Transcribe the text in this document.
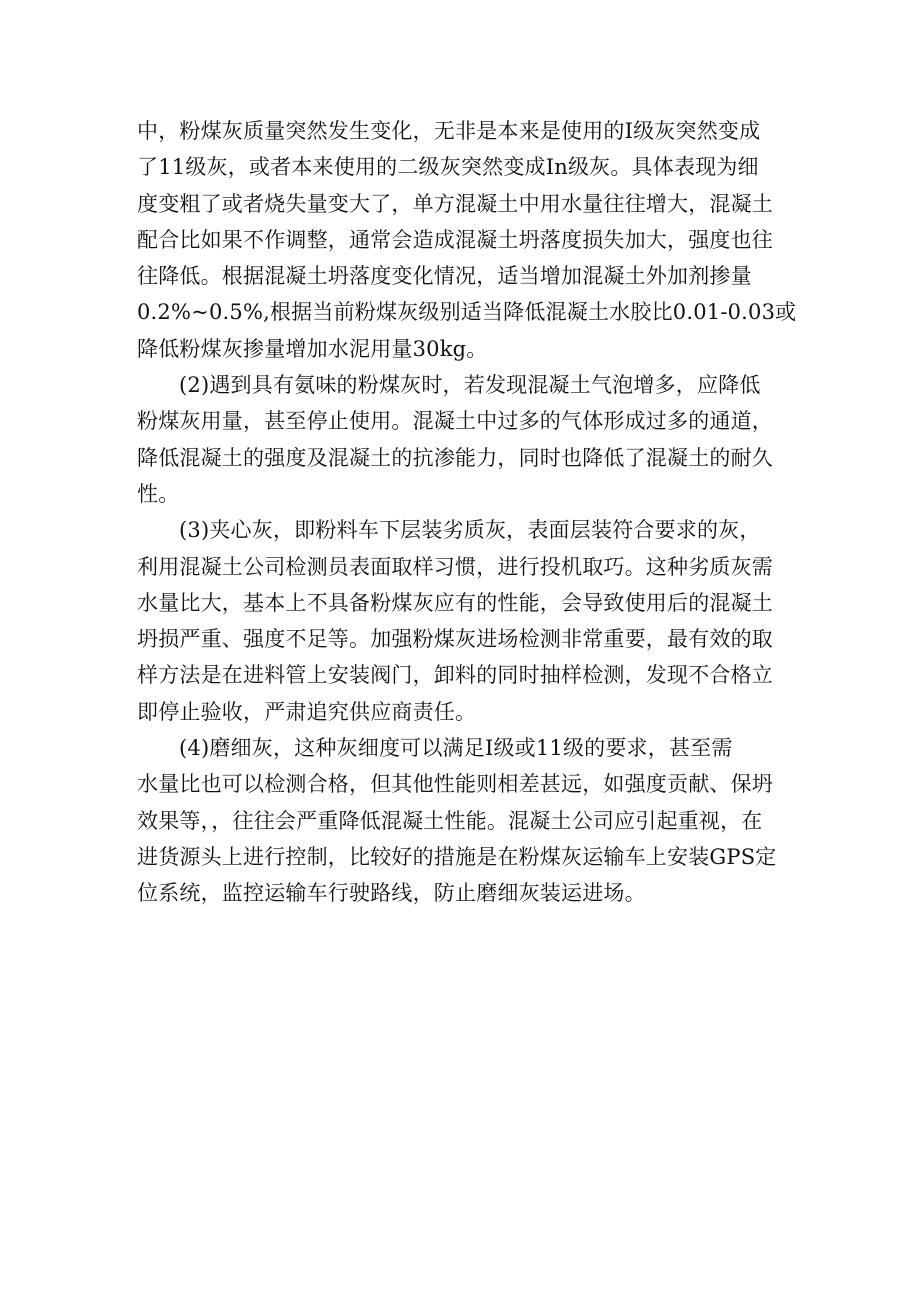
中，粉煤灰质量突然发生变化，无非是本来是使用的Ⅰ级灰突然变成
了11级灰，或者本来使用的二级灰突然变成In级灰。具体表现为细
度变粗了或者烧失量变大了，单方混凝土中用水量往往增大，混凝土
配合比如果不作调整，通常会造成混凝土坍落度损失加大，强度也往
往降低。根据混凝土坍落度变化情况，适当增加混凝土外加剂掺量
0.2%~0.5%,根据当前粉煤灰级别适当降低混凝土水胶比0.01-0.03或
降低粉煤灰掺量增加水泥用量30kg。

(2)遇到具有氨味的粉煤灰时，若发现混凝土气泡增多，应降低
粉煤灰用量，甚至停止使用。混凝土中过多的气体形成过多的通道，
降低混凝土的强度及混凝土的抗渗能力，同时也降低了混凝土的耐久
性。

(3)夹心灰，即粉料车下层装劣质灰，表面层装符合要求的灰，
利用混凝土公司检测员表面取样习惯，进行投机取巧。这种劣质灰需
水量比大，基本上不具备粉煤灰应有的性能，会导致使用后的混凝土
坍损严重、强度不足等。加强粉煤灰进场检测非常重要，最有效的取
样方法是在进料管上安装阀门，卸料的同时抽样检测，发现不合格立
即停止验收，严肃追究供应商责任。

(4)磨细灰，这种灰细度可以满足Ⅰ级或11级的要求，甚至需
水量比也可以检测合格，但其他性能则相差甚远，如强度贡献、保坍
效果等，，往往会严重降低混凝土性能。混凝土公司应引起重视，在
进货源头上进行控制，比较好的措施是在粉煤灰运输车上安装GPS定
位系统，监控运输车行驶路线，防止磨细灰装运进场。
